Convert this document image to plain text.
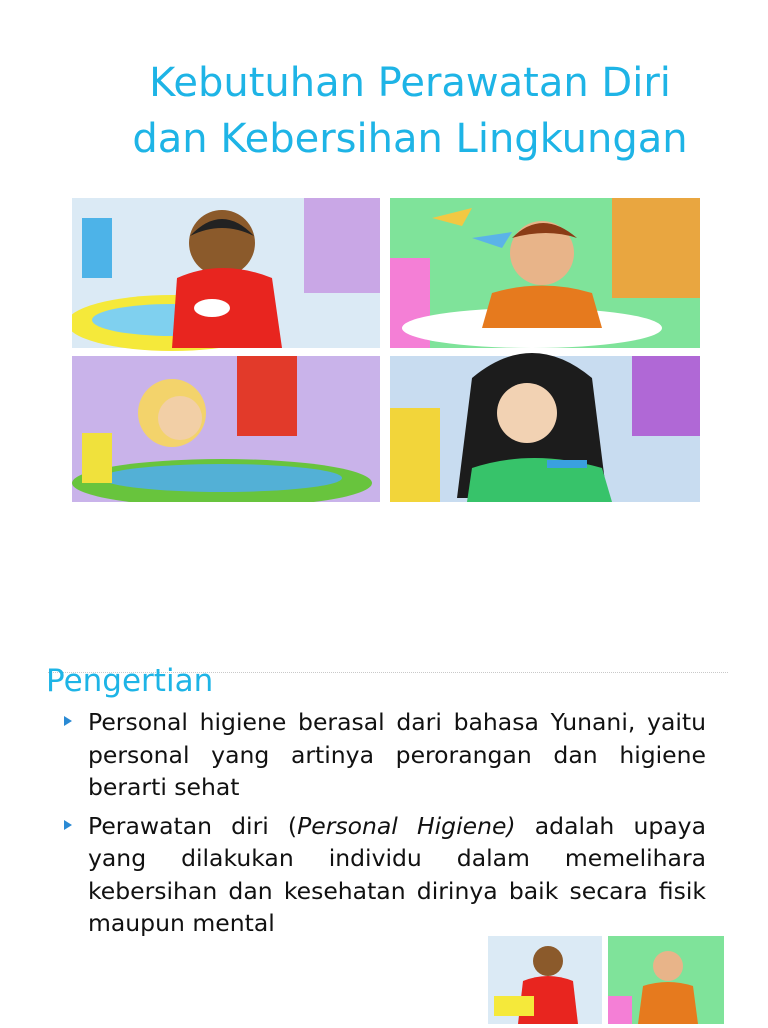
Kebutuhan Perawatan Diri
dan Kebersihan Lingkungan
Pengertian
Personal higiene berasal dari bahasa Yunani, yaitu personal yang artinya perorangan dan higiene berarti sehat
Perawatan diri (Personal Higiene) adalah upaya yang dilakukan individu dalam memelihara kebersihan dan kesehatan dirinya baik secara fisik maupun mental
